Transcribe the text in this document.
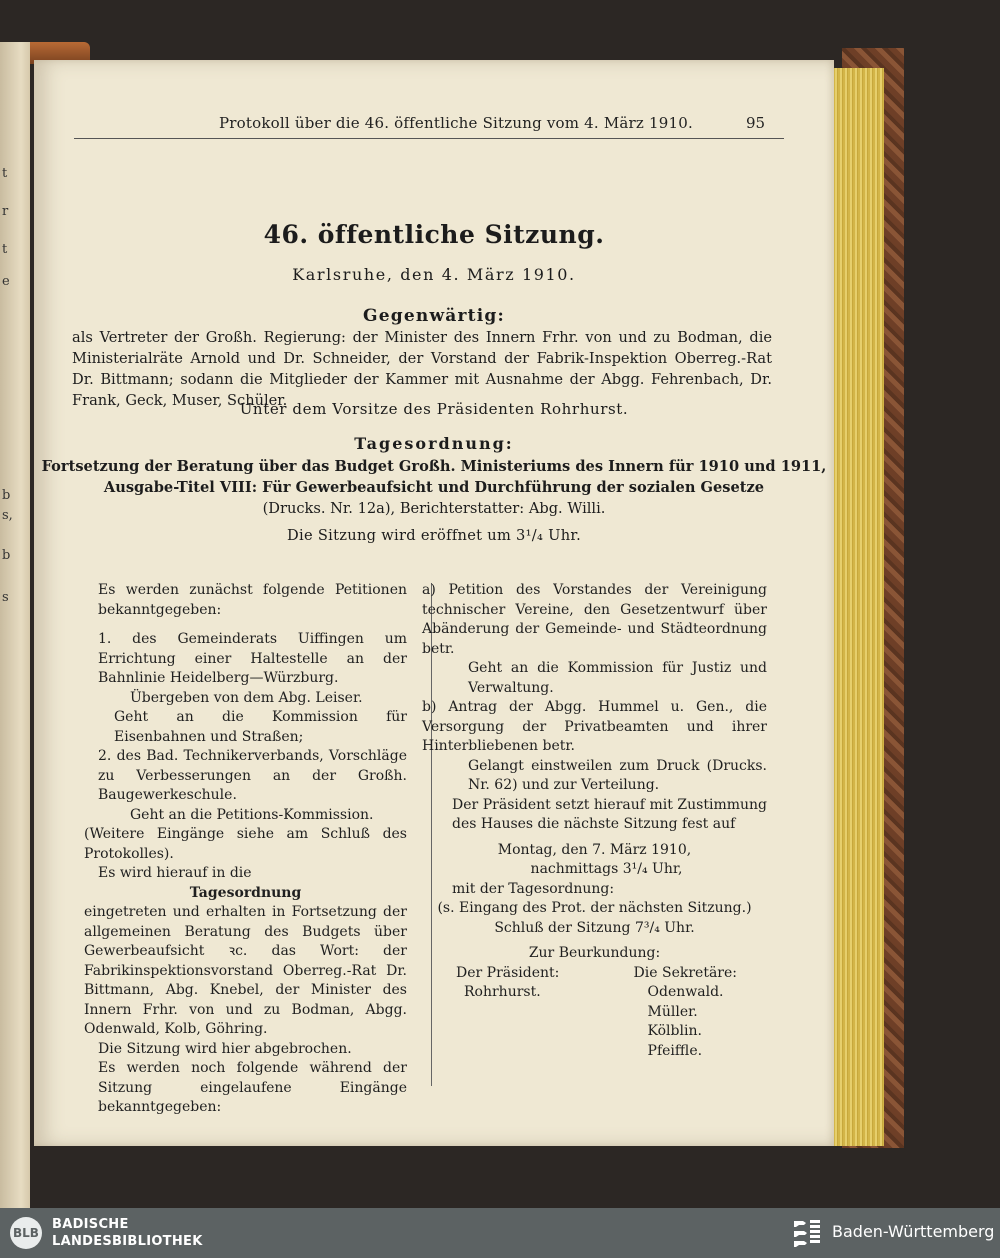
t
r
t
e
b
s,
b
s
Protokoll über die 46. öffentliche Sitzung vom 4. März 1910.	95
46. öffentliche Sitzung.
Karlsruhe, den 4. März 1910.
Gegenwärtig:
als Vertreter der Großh. Regierung: der Minister des Innern Frhr. von und zu Bodman, die Ministerialräte Arnold und Dr. Schneider, der Vorstand der Fabrik-Inspektion Oberreg.-Rat Dr. Bittmann; sodann die Mitglieder der Kammer mit Ausnahme der Abgg. Fehrenbach, Dr. Frank, Geck, Muser, Schüler.
Unter dem Vorsitze des Präsidenten Rohrhurst.
Tagesordnung:
Fortsetzung der Beratung über das Budget Großh. Ministeriums des Innern für 1910 und 1911,
Ausgabe-Titel VIII: Für Gewerbeaufsicht und Durchführung der sozialen Gesetze
(Drucks. Nr. 12a), Berichterstatter: Abg. Willi.
Die Sitzung wird eröffnet um 3¹/₄ Uhr.

Es werden zunächst folgende Petitionen bekanntgegeben:

1. des Gemeinderats Uiffingen um Errichtung einer Haltestelle an der Bahnlinie Heidelberg—Würzburg.

Übergeben von dem Abg. Leiser.

Geht an die Kommission für Eisenbahnen und Straßen;

2. des Bad. Technikerverbands, Vorschläge zu Verbesserungen an der Großh. Baugewerkeschule.

Geht an die Petitions-Kommission.

(Weitere Eingänge siehe am Schluß des Protokolles).

Es wird hierauf in die

Tagesordnung

eingetreten und erhalten in Fortsetzung der allgemeinen Beratung des Budgets über Gewerbeaufsicht ꝛc. das Wort: der Fabrikinspektionsvorstand Oberreg.-Rat Dr. Bittmann, Abg. Knebel, der Minister des Innern Frhr. von und zu Bodman, Abgg. Odenwald, Kolb, Göhring.

Die Sitzung wird hier abgebrochen.

Es werden noch folgende während der Sitzung eingelaufene Eingänge bekanntgegeben:

a) Petition des Vorstandes der Vereinigung technischer Vereine, den Gesetzentwurf über Abänderung der Gemeinde- und Städteordnung betr.

Geht an die Kommission für Justiz und Verwaltung.

b) Antrag der Abgg. Hummel u. Gen., die Versorgung der Privatbeamten und ihrer Hinterbliebenen betr.

Gelangt einstweilen zum Druck (Drucks. Nr. 62) und zur Verteilung.

Der Präsident setzt hierauf mit Zustimmung des Hauses die nächste Sitzung fest auf

Montag, den 7. März 1910,

nachmittags 3¹/₄ Uhr,

mit der Tagesordnung:

(s. Eingang des Prot. der nächsten Sitzung.)

Schluß der Sitzung 7³/₄ Uhr.

Zur Beurkundung:

Der Präsident:

Rohrhurst.

Die Sekretäre:

Odenwald.

Müller.

Kölblin.

Pfeiffle.

BLB
BADISCHE
LANDESBIBLIOTHEK
Baden-Württemberg
